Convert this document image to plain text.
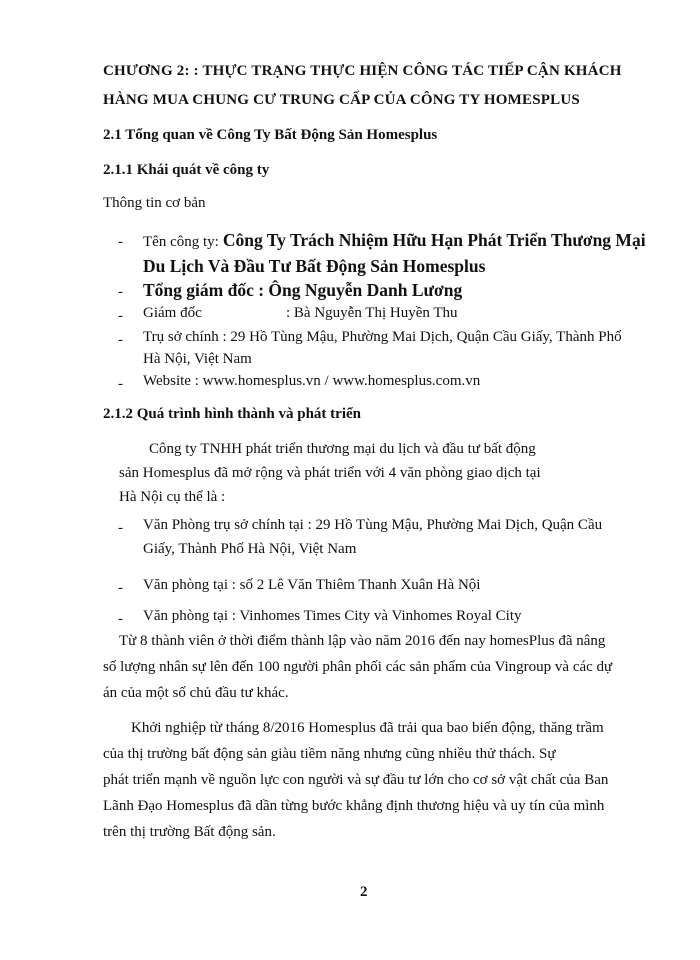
CHƯƠNG 2: : THỰC TRẠNG THỰC HIỆN CÔNG TÁC TIẾP CẬN KHÁCH
HÀNG MUA CHUNG CƯ TRUNG CẤP CỦA CÔNG TY HOMESPLUS
2.1 Tổng quan về Công Ty Bất Động Sản Homesplus
2.1.1 Khái quát về công ty
Thông tin cơ bản
- Tên công ty: Công Ty Trách Nhiệm Hữu Hạn Phát Triển Thương Mại
Du Lịch Và Đầu Tư Bất Động Sản Homesplus
- Tổng giám đốc : Ông Nguyễn Danh Lương
- Giám đốc	: Bà Nguyễn Thị Huyền Thu
- Trụ sở chính : 29 Hồ Tùng Mậu, Phường Mai Dịch, Quận Cầu Giấy, Thành Phố
Hà Nội, Việt Nam
- Website : www.homesplus.vn / www.homesplus.com.vn
2.1.2 Quá trình hình thành và phát triển
Công ty TNHH phát triển thương mại du lịch và đầu tư bất động
sản Homesplus đã mở rộng và phát triển với 4 văn phòng giao dịch tại
Hà Nội cụ thể là :
- Văn Phòng trụ sở chính tại : 29 Hồ Tùng Mậu, Phường Mai Dịch, Quận Cầu
Giấy, Thành Phố Hà Nội, Việt Nam
- Văn phòng tại : số 2 Lê Văn Thiêm Thanh Xuân Hà Nội
- Văn phòng tại : Vinhomes Times City và Vinhomes Royal City
Từ 8 thành viên ở thời điểm thành lập vào năm 2016 đến nay homesPlus đã nâng
số lượng nhân sự lên đến 100 người phân phối các sản phẩm của Vingroup và các dự
án của một số chủ đầu tư khác.
Khởi nghiệp từ tháng 8/2016 Homesplus đã trải qua bao biến động, thăng trầm
của thị trường bất động sản giàu tiềm năng nhưng cũng nhiều thử thách. Sự
phát triển mạnh về nguồn lực con người và sự đầu tư lớn cho cơ sở vật chất của Ban
Lãnh Đạo Homesplus đã dần từng bước khẳng định thương hiệu và uy tín của mình
trên thị trường Bất động sản.
2
